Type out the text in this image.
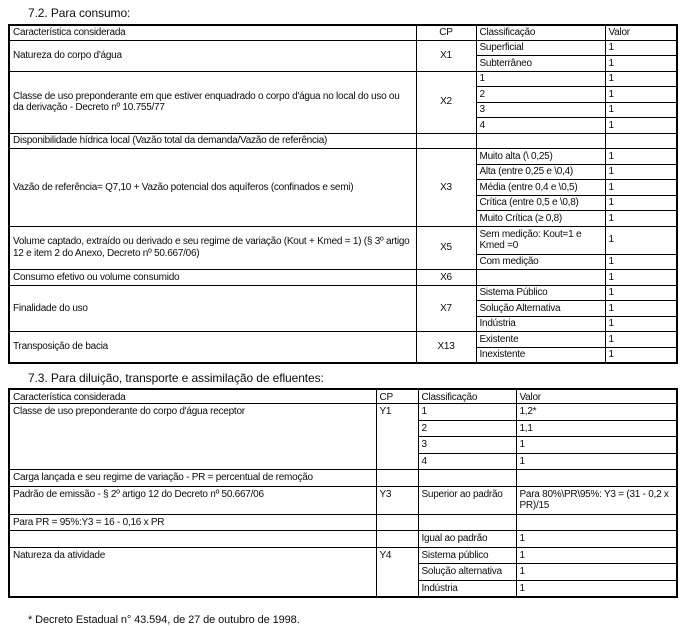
7.2. Para consumo:
Característica considerada	CP	Classificação	Valor
Natureza do corpo d'água	X1	Superficial	1
		Subterrâneo	1
Classe de uso preponderante em que estiver enquadrado o corpo d'água no local do uso ou da derivação - Decreto nº 10.755/77	X2	1	1
		2	1
		3	1
		4	1
Disponibilidade hídrica local (Vazão total da demanda/Vazão de referência)			
Vazão de referência= Q7,10 + Vazão potencial dos aquíferos (confinados e semi)	X3	Muito alta (\ 0,25)	1
		Alta (entre 0,25 e \0,4)	1
		Média (entre 0,4 e \0,5)	1
		Crítica (entre 0,5 e \0,8)	1
		Muito Crítica (≥ 0,8)	1
Volume captado, extraído ou derivado e seu regime de variação (Kout + Kmed = 1) (§ 3º artigo 12 e item 2 do Anexo, Decreto nº 50.667/06)	X5	Sem medição: Kout=1 e Kmed =0	1
		Com medição	1
Consumo efetivo ou volume consumido	X6		1
Finalidade do uso	X7	Sistema Público	1
		Solução Alternativa	1
		Indústria	1
Transposição de bacia	X13	Existente	1
		Inexistente	1
7.3. Para diluição, transporte e assimilação de efluentes:
Característica considerada	CP	Classificação	Valor
Classe de uso preponderante do corpo d'água receptor	Y1	1	1,2*
		2	1,1
		3	1
		4	1
Carga lançada e seu regime de variação - PR = percentual de remoção			
Padrão de emissão - § 2º artigo 12 do Decreto nº 50.667/06	Y3	Superior ao padrão	Para 80%\PR\95%: Y3 = (31 - 0,2 x PR)/15
Para PR = 95%:Y3 = 16 - 0,16 x PR			
		Igual ao padrão	1
Natureza da atividade	Y4	Sistema público	1
		Solução alternativa	1
		Indústria	1
* Decreto Estadual n° 43.594, de 27 de outubro de 1998.
